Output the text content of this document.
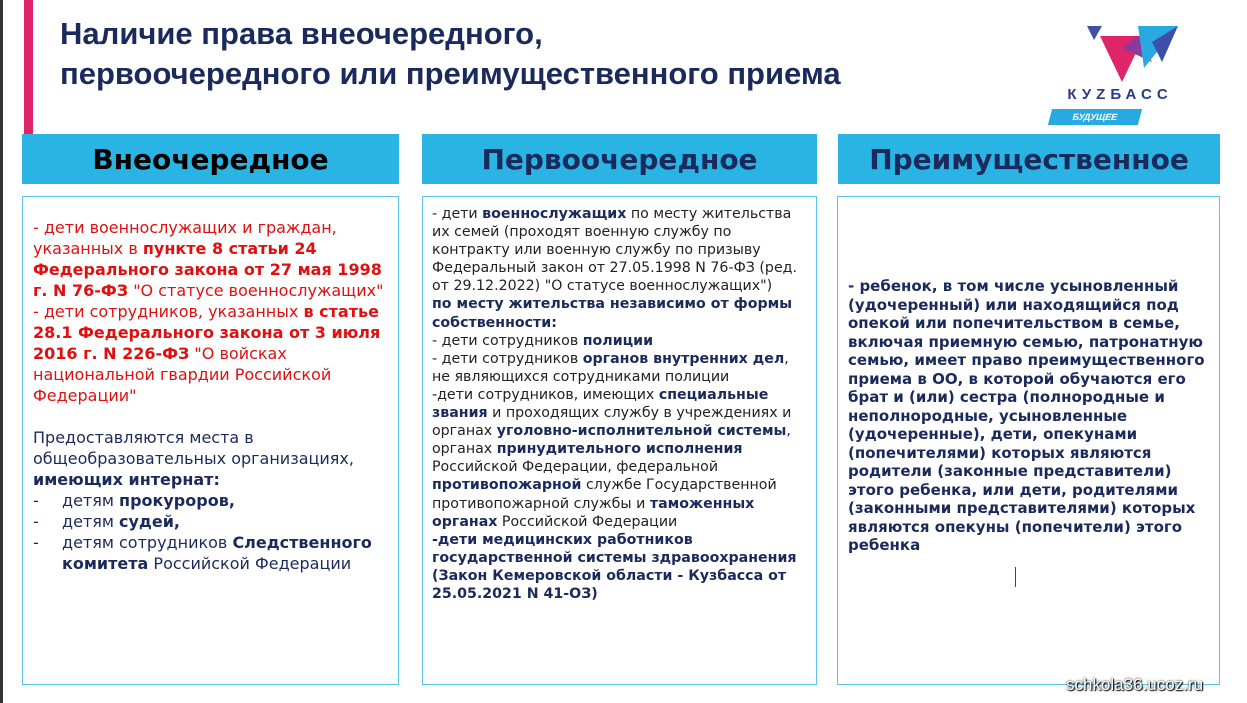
Наличие права внеочередного,
первоочередного или преимущественного приема
КУZБАСС
БУДУЩЕЕ
Внеочередное	Первоочередное	Преимущественное

- дети военнослужащих и граждан, указанных в пункте 8 статьи 24 Федерального закона от 27 мая 1998 г. N 76-ФЗ "О статусе военнослужащих"

- дети сотрудников, указанных в статье 28.1 Федерального закона от 3 июля 2016 г. N 226-ФЗ "О войсках национальной гвардии Российской Федерации"

Предоставляются места в общеобразовательных организациях, имеющих интернат:

- детям прокуроров,
- детям судей,
- детям сотрудников Следственного комитета Российской Федерации

- дети военнослужащих по месту жительства их семей (проходят военную службу по контракту или военную службу по призыву Федеральный закон от 27.05.1998 N 76-ФЗ (ред. от 29.12.2022) "О статусе военнослужащих")

по месту жительства независимо от формы собственности:

- дети сотрудников полиции

- дети сотрудников органов внутренних дел, не являющихся сотрудниками полиции

-дети сотрудников, имеющих специальные звания и проходящих службу в учреждениях и органах уголовно-исполнительной системы, органах принудительного исполнения Российской Федерации, федеральной противопожарной службе Государственной противопожарной службы и таможенных органах Российской Федерации

-дети медицинских работников государственной системы здравоохранения (Закон Кемеровской области - Кузбасса от 25.05.2021 N 41-ОЗ)

- ребенок, в том числе усыновленный (удочеренный) или находящийся под опекой или попечительством в семье, включая приемную семью, патронатную семью, имеет право преимущественного приема в ОО, в которой обучаются его брат и (или) сестра (полнородные и неполнородные, усыновленные (удочеренные), дети, опекунами (попечителями) которых являются родители (законные представители) этого ребенка, или дети, родителями (законными представителями) которых являются опекуны (попечители) этого ребенка

schkola36.ucoz.ru
